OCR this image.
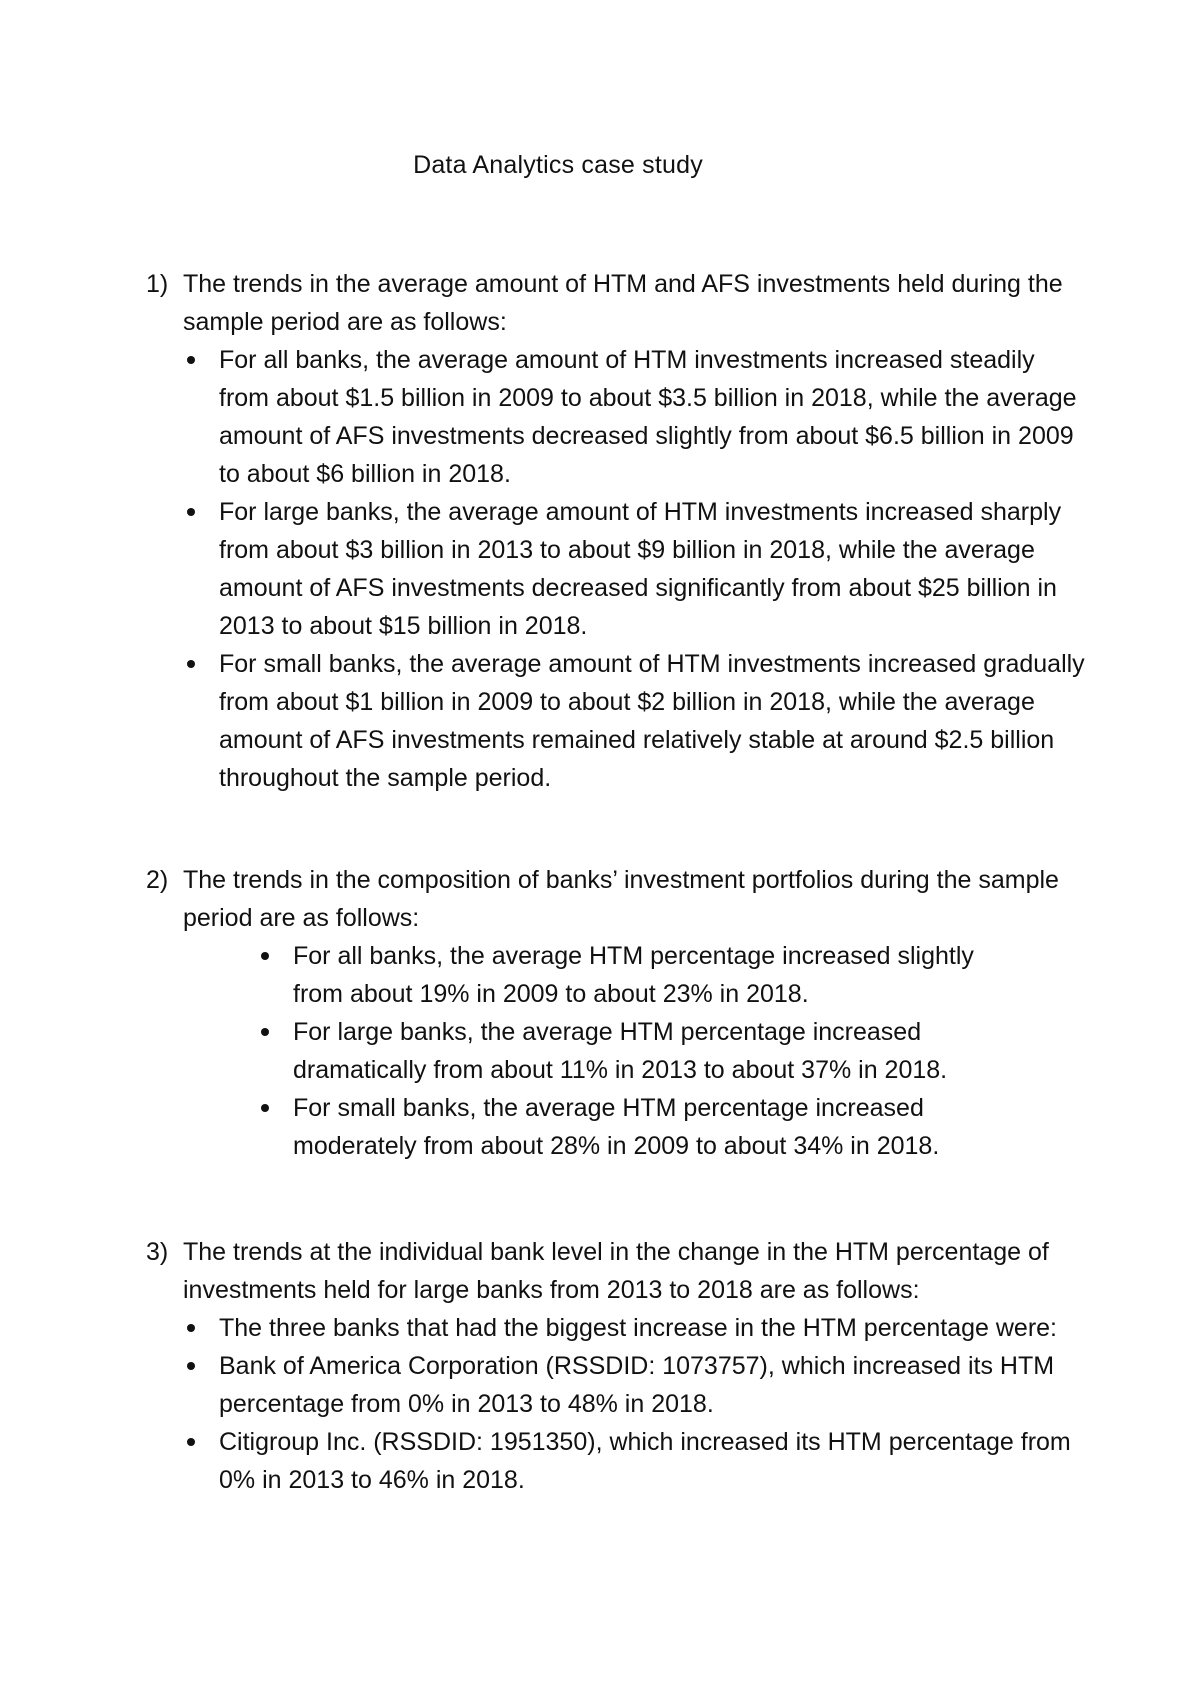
Data Analytics case study
1) The trends in the average amount of HTM and AFS investments held during the sample period are as follows:
For all banks, the average amount of HTM investments increased steadily from about $1.5 billion in 2009 to about $3.5 billion in 2018, while the average amount of AFS investments decreased slightly from about $6.5 billion in 2009 to about $6 billion in 2018.
For large banks, the average amount of HTM investments increased sharply from about $3 billion in 2013 to about $9 billion in 2018, while the average amount of AFS investments decreased significantly from about $25 billion in 2013 to about $15 billion in 2018.
For small banks, the average amount of HTM investments increased gradually from about $1 billion in 2009 to about $2 billion in 2018, while the average amount of AFS investments remained relatively stable at around $2.5 billion throughout the sample period.
2) The trends in the composition of banks’ investment portfolios during the sample period are as follows:
For all banks, the average HTM percentage increased slightly from about 19% in 2009 to about 23% in 2018.
For large banks, the average HTM percentage increased dramatically from about 11% in 2013 to about 37% in 2018.
For small banks, the average HTM percentage increased moderately from about 28% in 2009 to about 34% in 2018.
3) The trends at the individual bank level in the change in the HTM percentage of investments held for large banks from 2013 to 2018 are as follows:
The three banks that had the biggest increase in the HTM percentage were:
Bank of America Corporation (RSSDID: 1073757), which increased its HTM percentage from 0% in 2013 to 48% in 2018.
Citigroup Inc. (RSSDID: 1951350), which increased its HTM percentage from 0% in 2013 to 46% in 2018.
